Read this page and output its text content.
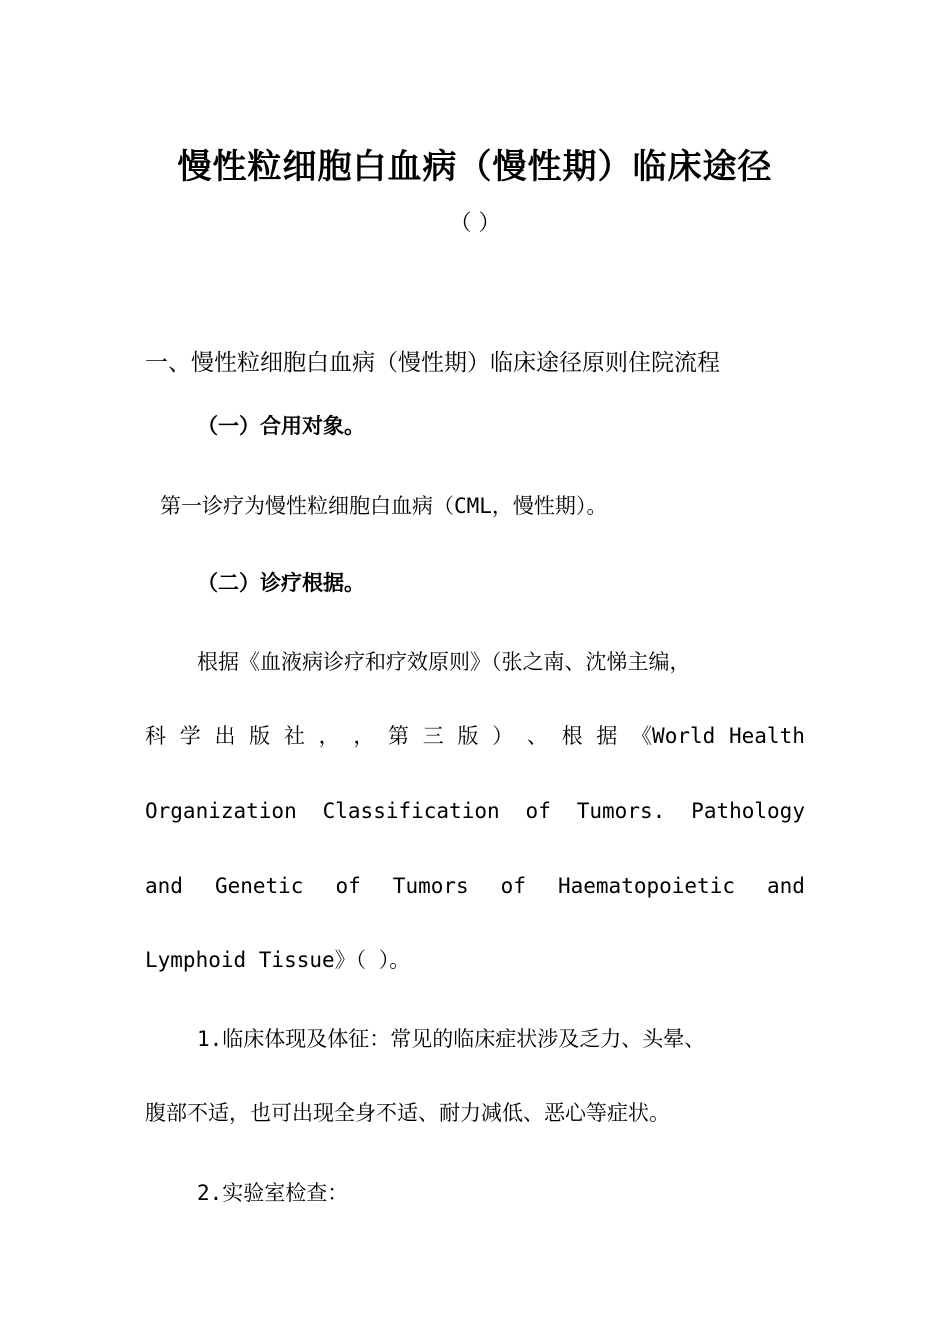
慢性粒细胞白血病（慢性期）临床途径
（ ）
一、慢性粒细胞白血病（慢性期）临床途径原则住院流程
（一）合用对象。
第一诊疗为慢性粒细胞白血病（CML，慢性期）。
（二）诊疗根据。
根据《血液病诊疗和疗效原则》（张之南、沈悌主编，
科 学 出 版 社 ， ， 第 三 版 ） 、 根 据 《World Health
Organization Classification of Tumors. Pathology
and Genetic of Tumors of Haematopoietic and
Lymphoid Tissue》（ ）。
1.临床体现及体征：常见的临床症状涉及乏力、头晕、
腹部不适，也可出现全身不适、耐力减低、恶心等症状。
2.实验室检查：
